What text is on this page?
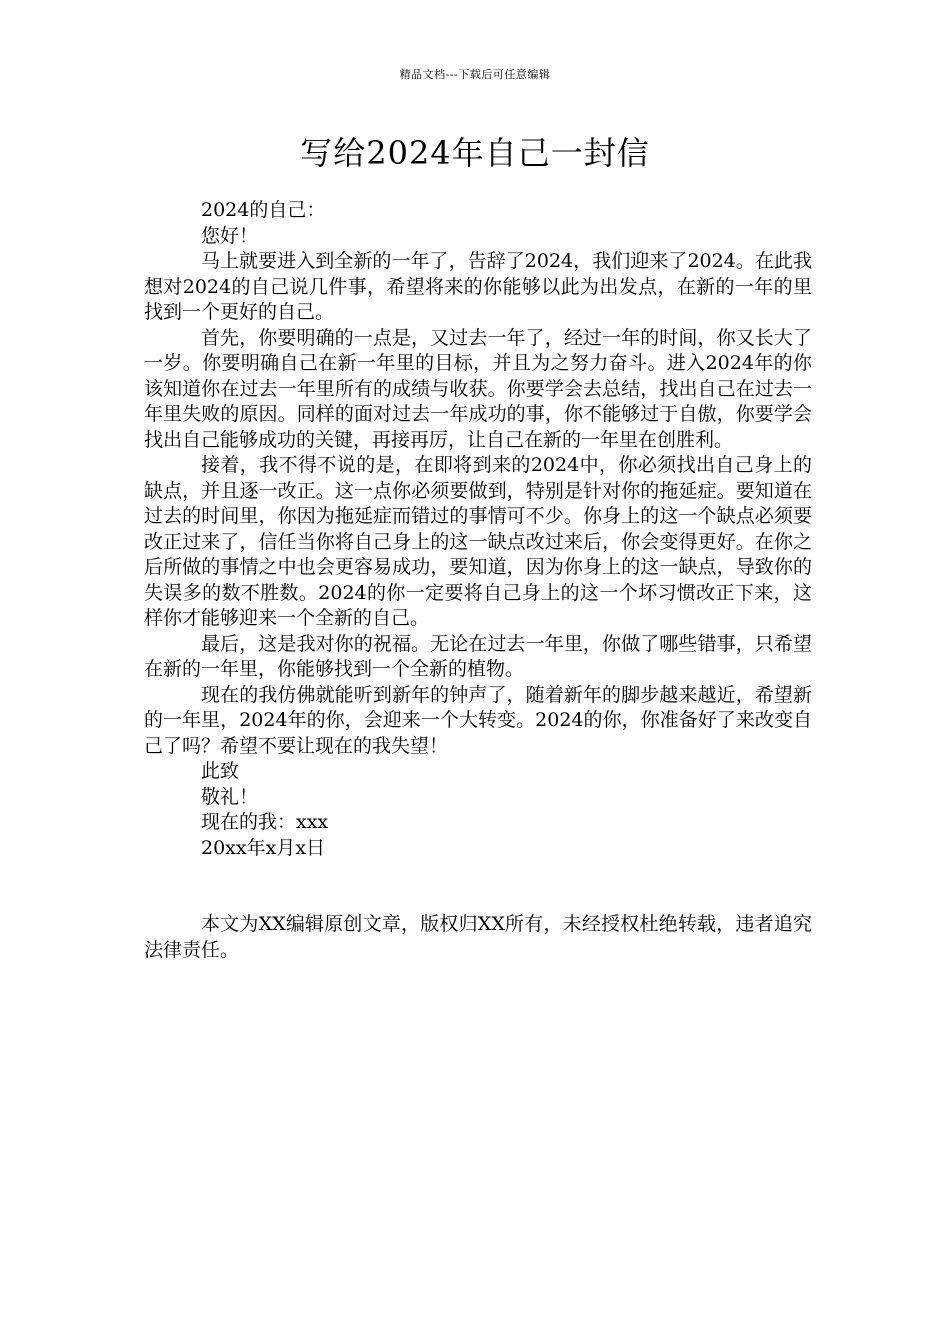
精品文档---下载后可任意编辑
写给2024年自己一封信

2024的自己：

您好！

马上就要进入到全新的一年了，告辞了2024，我们迎来了2024。在此我想对2024的自己说几件事，希望将来的你能够以此为出发点，在新的一年的里找到一个更好的自己。

首先，你要明确的一点是，又过去一年了，经过一年的时间，你又长大了一岁。你要明确自己在新一年里的目标，并且为之努力奋斗。进入2024年的你该知道你在过去一年里所有的成绩与收获。你要学会去总结，找出自己在过去一年里失败的原因。同样的面对过去一年成功的事，你不能够过于自傲，你要学会找出自己能够成功的关键，再接再厉，让自己在新的一年里在创胜利。

接着，我不得不说的是，在即将到来的2024中，你必须找出自己身上的缺点，并且逐一改正。这一点你必须要做到，特别是针对你的拖延症。要知道在过去的时间里，你因为拖延症而错过的事情可不少。你身上的这一个缺点必须要改正过来了，信任当你将自己身上的这一缺点改过来后，你会变得更好。在你之后所做的事情之中也会更容易成功，要知道，因为你身上的这一缺点，导致你的失误多的数不胜数。2024的你一定要将自己身上的这一个坏习惯改正下来，这样你才能够迎来一个全新的自己。

最后，这是我对你的祝福。无论在过去一年里，你做了哪些错事，只希望在新的一年里，你能够找到一个全新的植物。

现在的我仿佛就能听到新年的钟声了，随着新年的脚步越来越近，希望新的一年里，2024年的你，会迎来一个大转变。2024的你，你准备好了来改变自己了吗？希望不要让现在的我失望！

此致

敬礼！

现在的我：xxx

20xx年x月x日

本文为XX编辑原创文章，版权归XX所有，未经授权杜绝转载，违者追究法律责任。
